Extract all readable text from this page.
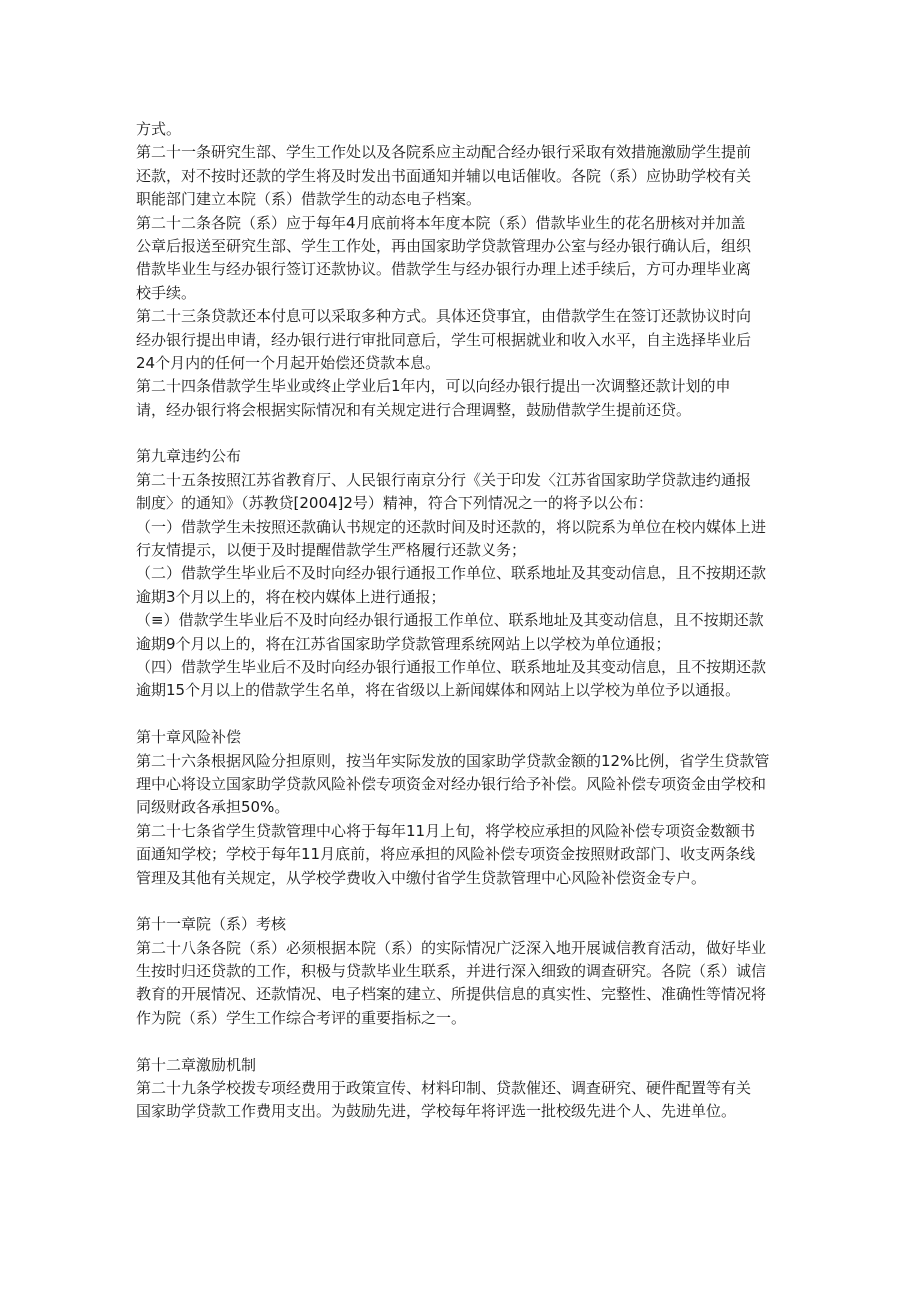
方式。
第二十一条研究生部、学生工作处以及各院系应主动配合经办银行采取有效措施激励学生提前
还款，对不按时还款的学生将及时发出书面通知并辅以电话催收。各院（系）应协助学校有关
职能部门建立本院（系）借款学生的动态电子档案。
第二十二条各院（系）应于每年4月底前将本年度本院（系）借款毕业生的花名册核对并加盖
公章后报送至研究生部、学生工作处，再由国家助学贷款管理办公室与经办银行确认后，组织
借款毕业生与经办银行签订还款协议。借款学生与经办银行办理上述手续后，方可办理毕业离
校手续。
第二十三条贷款还本付息可以采取多种方式。具体还贷事宜，由借款学生在签订还款协议时向
经办银行提出申请，经办银行进行审批同意后，学生可根据就业和收入水平，自主选择毕业后
24个月内的任何一个月起开始偿还贷款本息。
第二十四条借款学生毕业或终止学业后1年内，可以向经办银行提出一次调整还款计划的申
请，经办银行将会根据实际情况和有关规定进行合理调整，鼓励借款学生提前还贷。
第九章违约公布
第二十五条按照江苏省教育厅、人民银行南京分行《关于印发〈江苏省国家助学贷款违约通报
制度〉的通知》（苏教贷[2004]2号）精神，符合下列情况之一的将予以公布：
（一）借款学生未按照还款确认书规定的还款时间及时还款的，将以院系为单位在校内媒体上进
行友情提示，以便于及时提醒借款学生严格履行还款义务；
（二）借款学生毕业后不及时向经办银行通报工作单位、联系地址及其变动信息，且不按期还款
逾期3个月以上的，将在校内媒体上进行通报；
（≡）借款学生毕业后不及时向经办银行通报工作单位、联系地址及其变动信息，且不按期还款
逾期9个月以上的，将在江苏省国家助学贷款管理系统网站上以学校为单位通报；
（四）借款学生毕业后不及时向经办银行通报工作单位、联系地址及其变动信息，且不按期还款
逾期15个月以上的借款学生名单，将在省级以上新闻媒体和网站上以学校为单位予以通报。
第十章风险补偿
第二十六条根据风险分担原则，按当年实际发放的国家助学贷款金额的12%比例，省学生贷款管
理中心将设立国家助学贷款风险补偿专项资金对经办银行给予补偿。风险补偿专项资金由学校和
同级财政各承担50%。
第二十七条省学生贷款管理中心将于每年11月上旬，将学校应承担的风险补偿专项资金数额书
面通知学校；学校于每年11月底前，将应承担的风险补偿专项资金按照财政部门、收支两条线
管理及其他有关规定，从学校学费收入中缴付省学生贷款管理中心风险补偿资金专户。
第十一章院（系）考核
第二十八条各院（系）必须根据本院（系）的实际情况广泛深入地开展诚信教育活动，做好毕业
生按时归还贷款的工作，积极与贷款毕业生联系，并进行深入细致的调查研究。各院（系）诚信
教育的开展情况、还款情况、电子档案的建立、所提供信息的真实性、完整性、准确性等情况将
作为院（系）学生工作综合考评的重要指标之一。
第十二章激励机制
第二十九条学校拨专项经费用于政策宣传、材料印制、贷款催还、调查研究、硬件配置等有关
国家助学贷款工作费用支出。为鼓励先进，学校每年将评选一批校级先进个人、先进单位。
